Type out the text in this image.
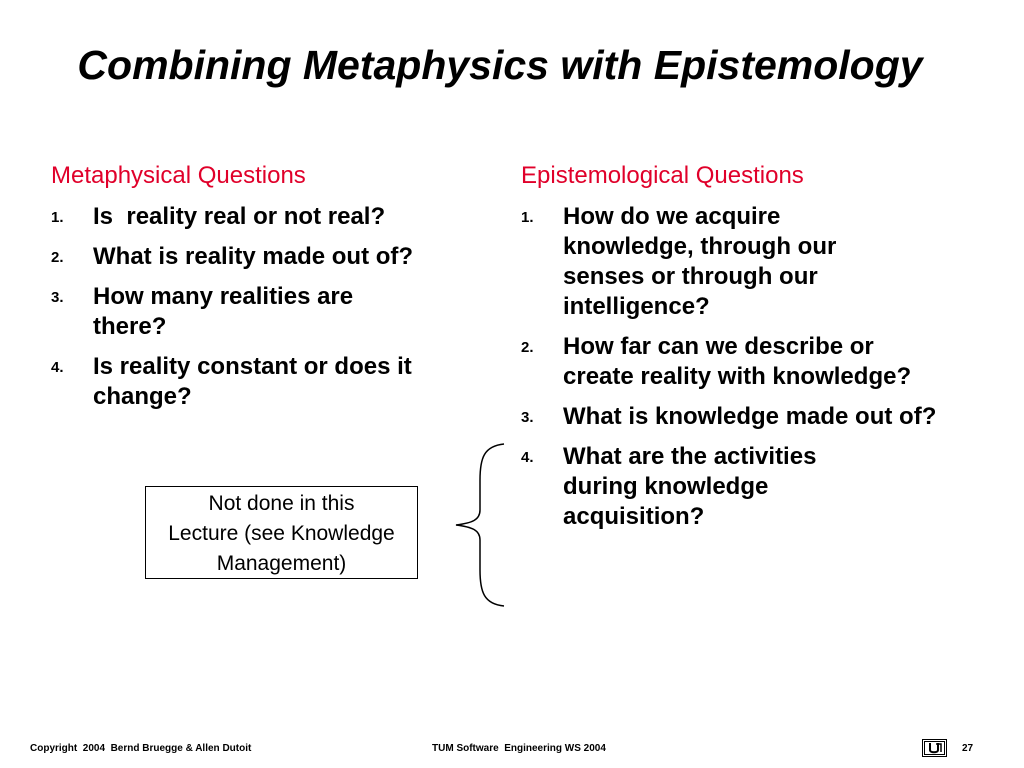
Combining Metaphysics with Epistemology
Metaphysical Questions
1.	Is  reality real or not real?
2.	What is reality made out of?
3.	How many realities are there?
4.	Is reality constant or does it change?
Epistemological Questions
1.	How do we acquire knowledge, through our senses or through our intelligence?
2.	How far can we describe or create reality with knowledge?
3.	What is knowledge made out of?
4.	What are the activities during knowledge acquisition?
Not done in this
Lecture (see Knowledge
Management)
Copyright  2004  Bernd Bruegge & Allen Dutoit	TUM Software  Engineering WS 2004	27
